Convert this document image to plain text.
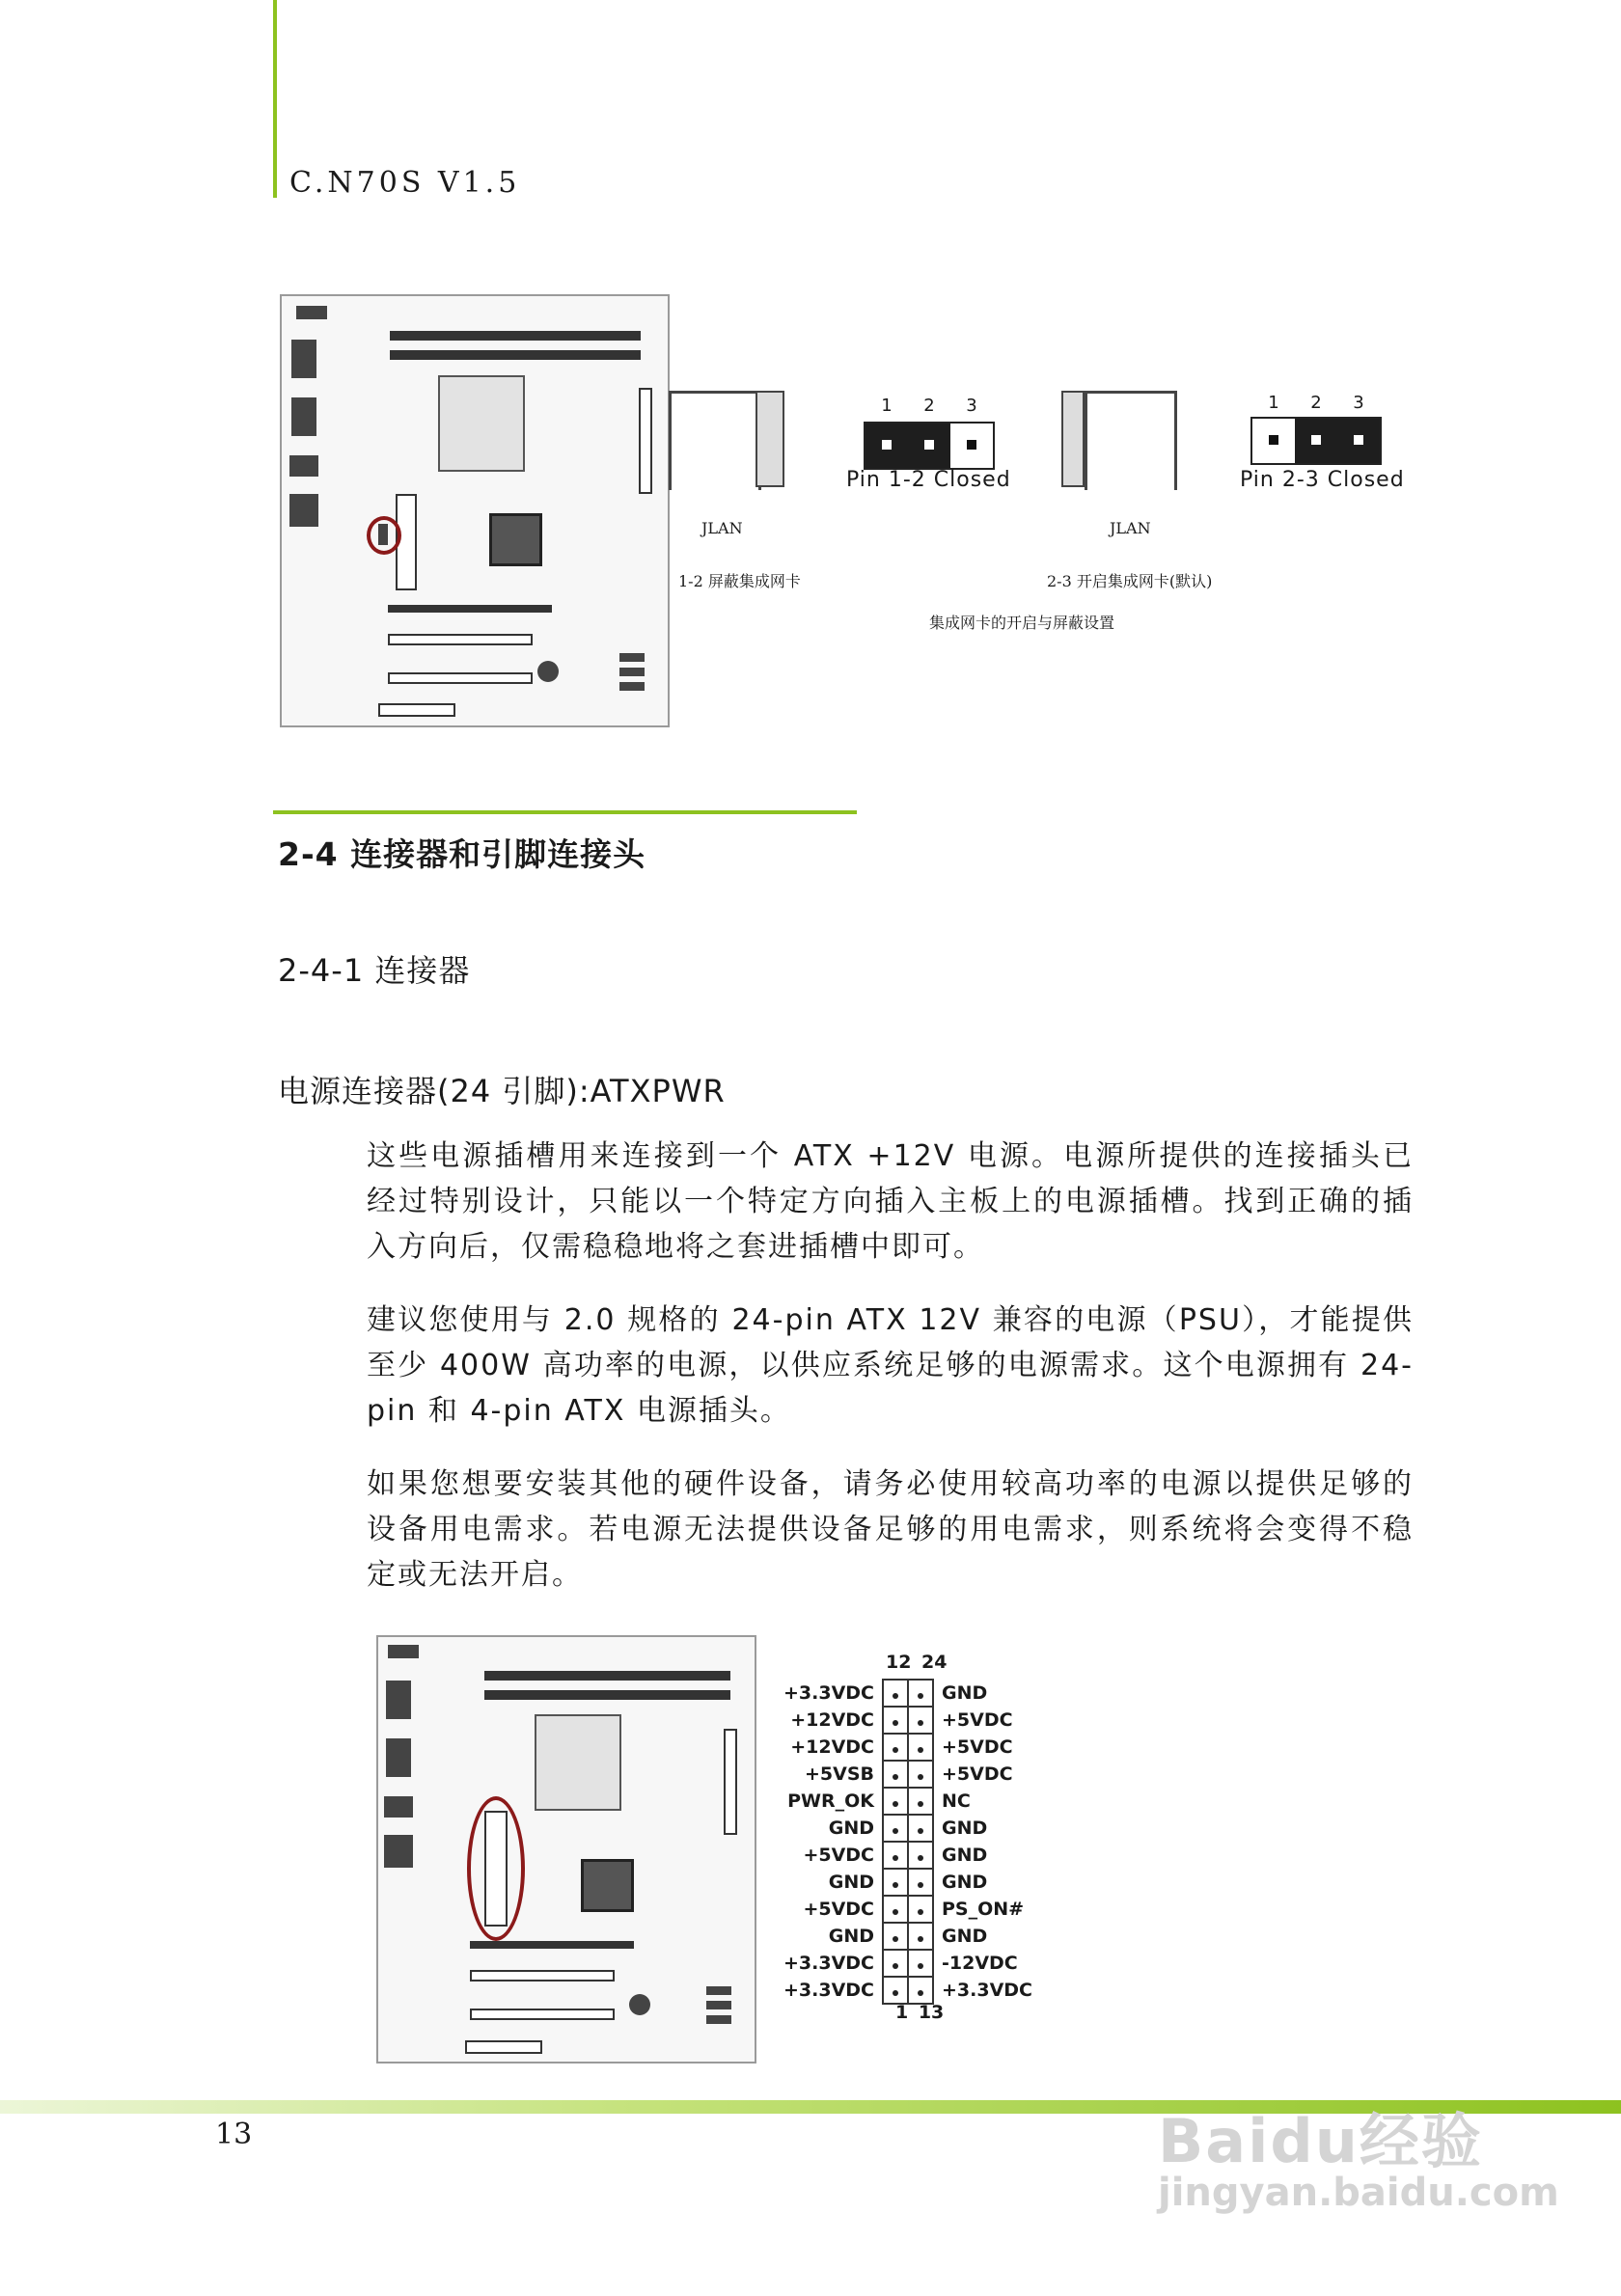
C.N70S V1.5
JLAN
1	2	3
Pin 1-2 Closed
JLAN
1	2	3
Pin 2-3 Closed
1-2 屏蔽集成网卡	2-3 开启集成网卡(默认)
集成网卡的开启与屏蔽设置
2-4 连接器和引脚连接头
2-4-1 连接器
电源连接器(24 引脚):ATXPWR

这些电源插槽用来连接到一个 ATX +12V 电源。电源所提供的连接插头已经过特别设计，只能以一个特定方向插入主板上的电源插槽。找到正确的插入方向后，仅需稳稳地将之套进插槽中即可。

建议您使用与 2.0 规格的 24-pin ATX 12V 兼容的电源（PSU），才能提供至少 400W 高功率的电源，以供应系统足够的电源需求。这个电源拥有 24-pin 和 4-pin ATX 电源插头。

如果您想要安装其他的硬件设备，请务必使用较高功率的电源以提供足够的设备用电需求。若电源无法提供设备足够的用电需求，则系统将会变得不稳定或无法开启。

12 24
+3.3VDC			GND
+12VDC			+5VDC
+12VDC			+5VDC
+5VSB			+5VDC
PWR_OK			NC
GND			GND
+5VDC			GND
GND			GND
+5VDC			PS_ON#
GND			GND
+3.3VDC			-12VDC
+3.3VDC			+3.3VDC
1 13
13	Baidu经验
jingyan.baidu.com
